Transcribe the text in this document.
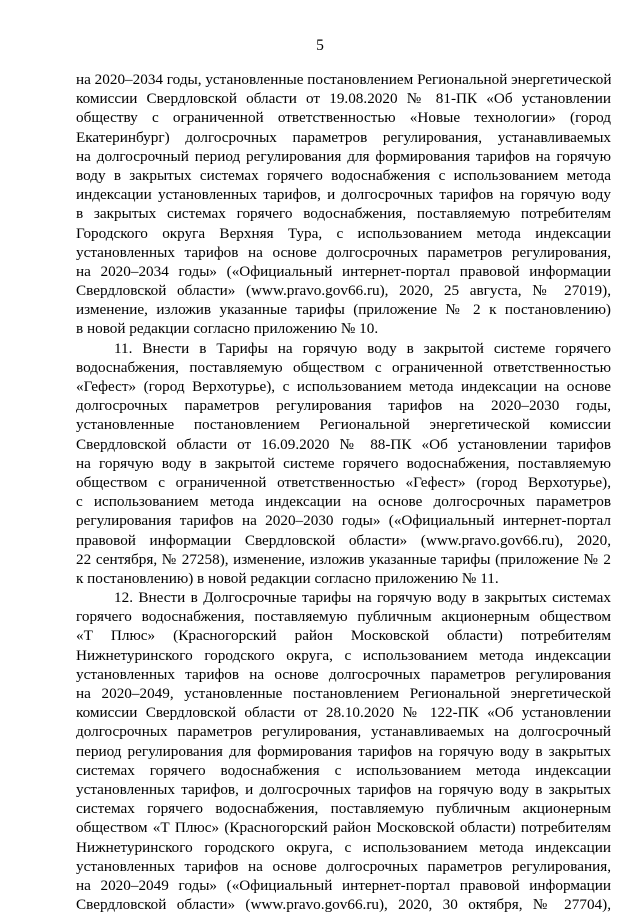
5
на 2020–2034 годы, установленные постановлением Региональной энергетической
комиссии Свердловской области от 19.08.2020 № 81-ПК «Об установлении
обществу с ограниченной ответственностью «Новые технологии» (город
Екатеринбург) долгосрочных параметров регулирования, устанавливаемых
на долгосрочный период регулирования для формирования тарифов на горячую
воду в закрытых системах горячего водоснабжения с использованием метода
индексации установленных тарифов, и долгосрочных тарифов на горячую воду
в закрытых системах горячего водоснабжения, поставляемую потребителям
Городского округа Верхняя Тура, с использованием метода индексации
установленных тарифов на основе долгосрочных параметров регулирования,
на 2020–2034 годы» («Официальный интернет-портал правовой информации
Свердловской области» (www.pravo.gov66.ru), 2020, 25 августа, № 27019),
изменение, изложив указанные тарифы (приложение № 2 к постановлению)
в новой редакции согласно приложению № 10.
11. Внести в Тарифы на горячую воду в закрытой системе горячего
водоснабжения, поставляемую обществом с ограниченной ответственностью
«Гефест» (город Верхотурье), с использованием метода индексации на основе
долгосрочных параметров регулирования тарифов на 2020–2030 годы,
установленные постановлением Региональной энергетической комиссии
Свердловской области от 16.09.2020 № 88-ПК «Об установлении тарифов
на горячую воду в закрытой системе горячего водоснабжения, поставляемую
обществом с ограниченной ответственностью «Гефест» (город Верхотурье),
с использованием метода индексации на основе долгосрочных параметров
регулирования тарифов на 2020–2030 годы» («Официальный интернет-портал
правовой информации Свердловской области» (www.pravo.gov66.ru), 2020,
22 сентября, № 27258), изменение, изложив указанные тарифы (приложение № 2
к постановлению) в новой редакции согласно приложению № 11.
12. Внести в Долгосрочные тарифы на горячую воду в закрытых системах
горячего водоснабжения, поставляемую публичным акционерным обществом
«Т Плюс» (Красногорский район Московской области) потребителям
Нижнетуринского городского округа, с использованием метода индексации
установленных тарифов на основе долгосрочных параметров регулирования
на 2020–2049, установленные постановлением Региональной энергетической
комиссии Свердловской области от 28.10.2020 № 122-ПК «Об установлении
долгосрочных параметров регулирования, устанавливаемых на долгосрочный
период регулирования для формирования тарифов на горячую воду в закрытых
системах горячего водоснабжения с использованием метода индексации
установленных тарифов, и долгосрочных тарифов на горячую воду в закрытых
системах горячего водоснабжения, поставляемую публичным акционерным
обществом «Т Плюс» (Красногорский район Московской области) потребителям
Нижнетуринского городского округа, с использованием метода индексации
установленных тарифов на основе долгосрочных параметров регулирования,
на 2020–2049 годы» («Официальный интернет-портал правовой информации
Свердловской области» (www.pravo.gov66.ru), 2020, 30 октября, № 27704),
